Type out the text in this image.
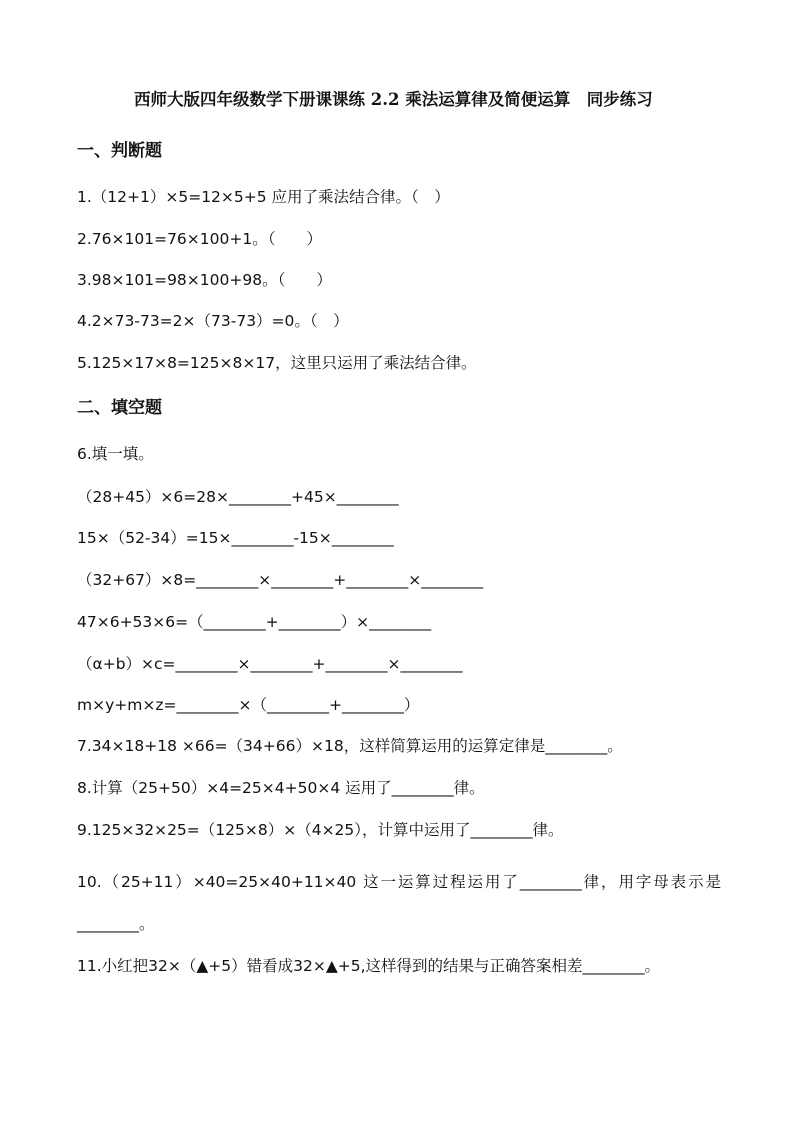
西师大版四年级数学下册课课练 2.2 乘法运算律及简便运算　同步练习
一、判断题
1.（12+1）×5=12×5+5 应用了乘法结合律。（　）
2.76×101=76×100+1。（　　）
3.98×101=98×100+98。（　　）
4.2×73-73=2×（73-73）=0。（　）
5.125×17×8=125×8×17，这里只运用了乘法结合律。
二、填空题
6.填一填。
（28+45）×6=28×________+45×________
15×（52-34）=15×________-15×________
（32+67）×8=________×________+________×________
47×6+53×6=（________+________）×________
（α+b）×c=________×________+________×________
m×y+m×z=________×（________+________）
7.34×18+18 ×66=（34+66）×18，这样简算运用的运算定律是________。
8.计算（25+50）×4=25×4+50×4 运用了________律。
9.125×32×25=（125×8）×（4×25），计算中运用了________律。
10.（25+11）×40=25×40+11×40 这一运算过程运用了________律，用字母表示是________。
11.小红把32×（▲+5）错看成32×▲+5,这样得到的结果与正确答案相差________。
